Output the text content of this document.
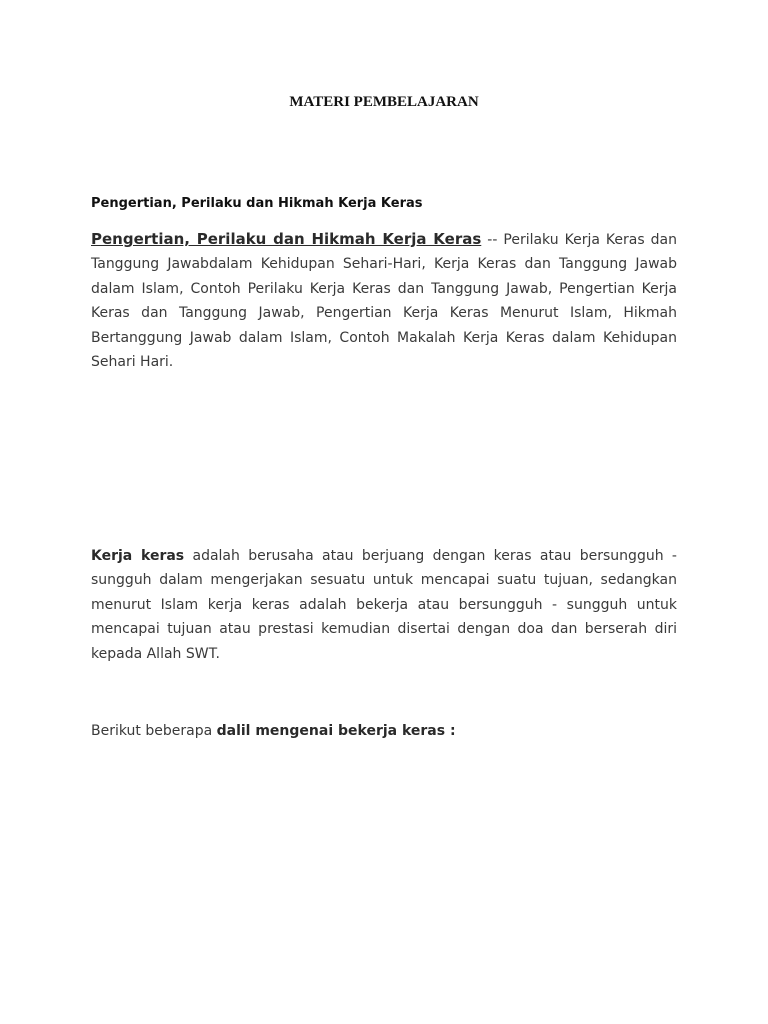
MATERI PEMBELAJARAN
Pengertian, Perilaku dan Hikmah Kerja Keras

Pengertian, Perilaku dan Hikmah Kerja Keras -- Perilaku Kerja Keras dan Tanggung Jawabdalam Kehidupan Sehari-Hari, Kerja Keras dan Tanggung Jawab dalam Islam, Contoh Perilaku Kerja Keras dan Tanggung Jawab, Pengertian Kerja Keras dan Tanggung Jawab, Pengertian Kerja Keras Menurut Islam, Hikmah Bertanggung Jawab dalam Islam, Contoh Makalah Kerja Keras dalam Kehidupan Sehari Hari.

Kerja keras adalah berusaha atau berjuang dengan keras atau bersungguh - sungguh dalam mengerjakan sesuatu untuk mencapai suatu tujuan, sedangkan menurut Islam kerja keras adalah bekerja atau bersungguh - sungguh untuk mencapai tujuan atau prestasi kemudian disertai dengan doa dan berserah diri kepada Allah SWT.

Berikut beberapa dalil mengenai bekerja keras :
